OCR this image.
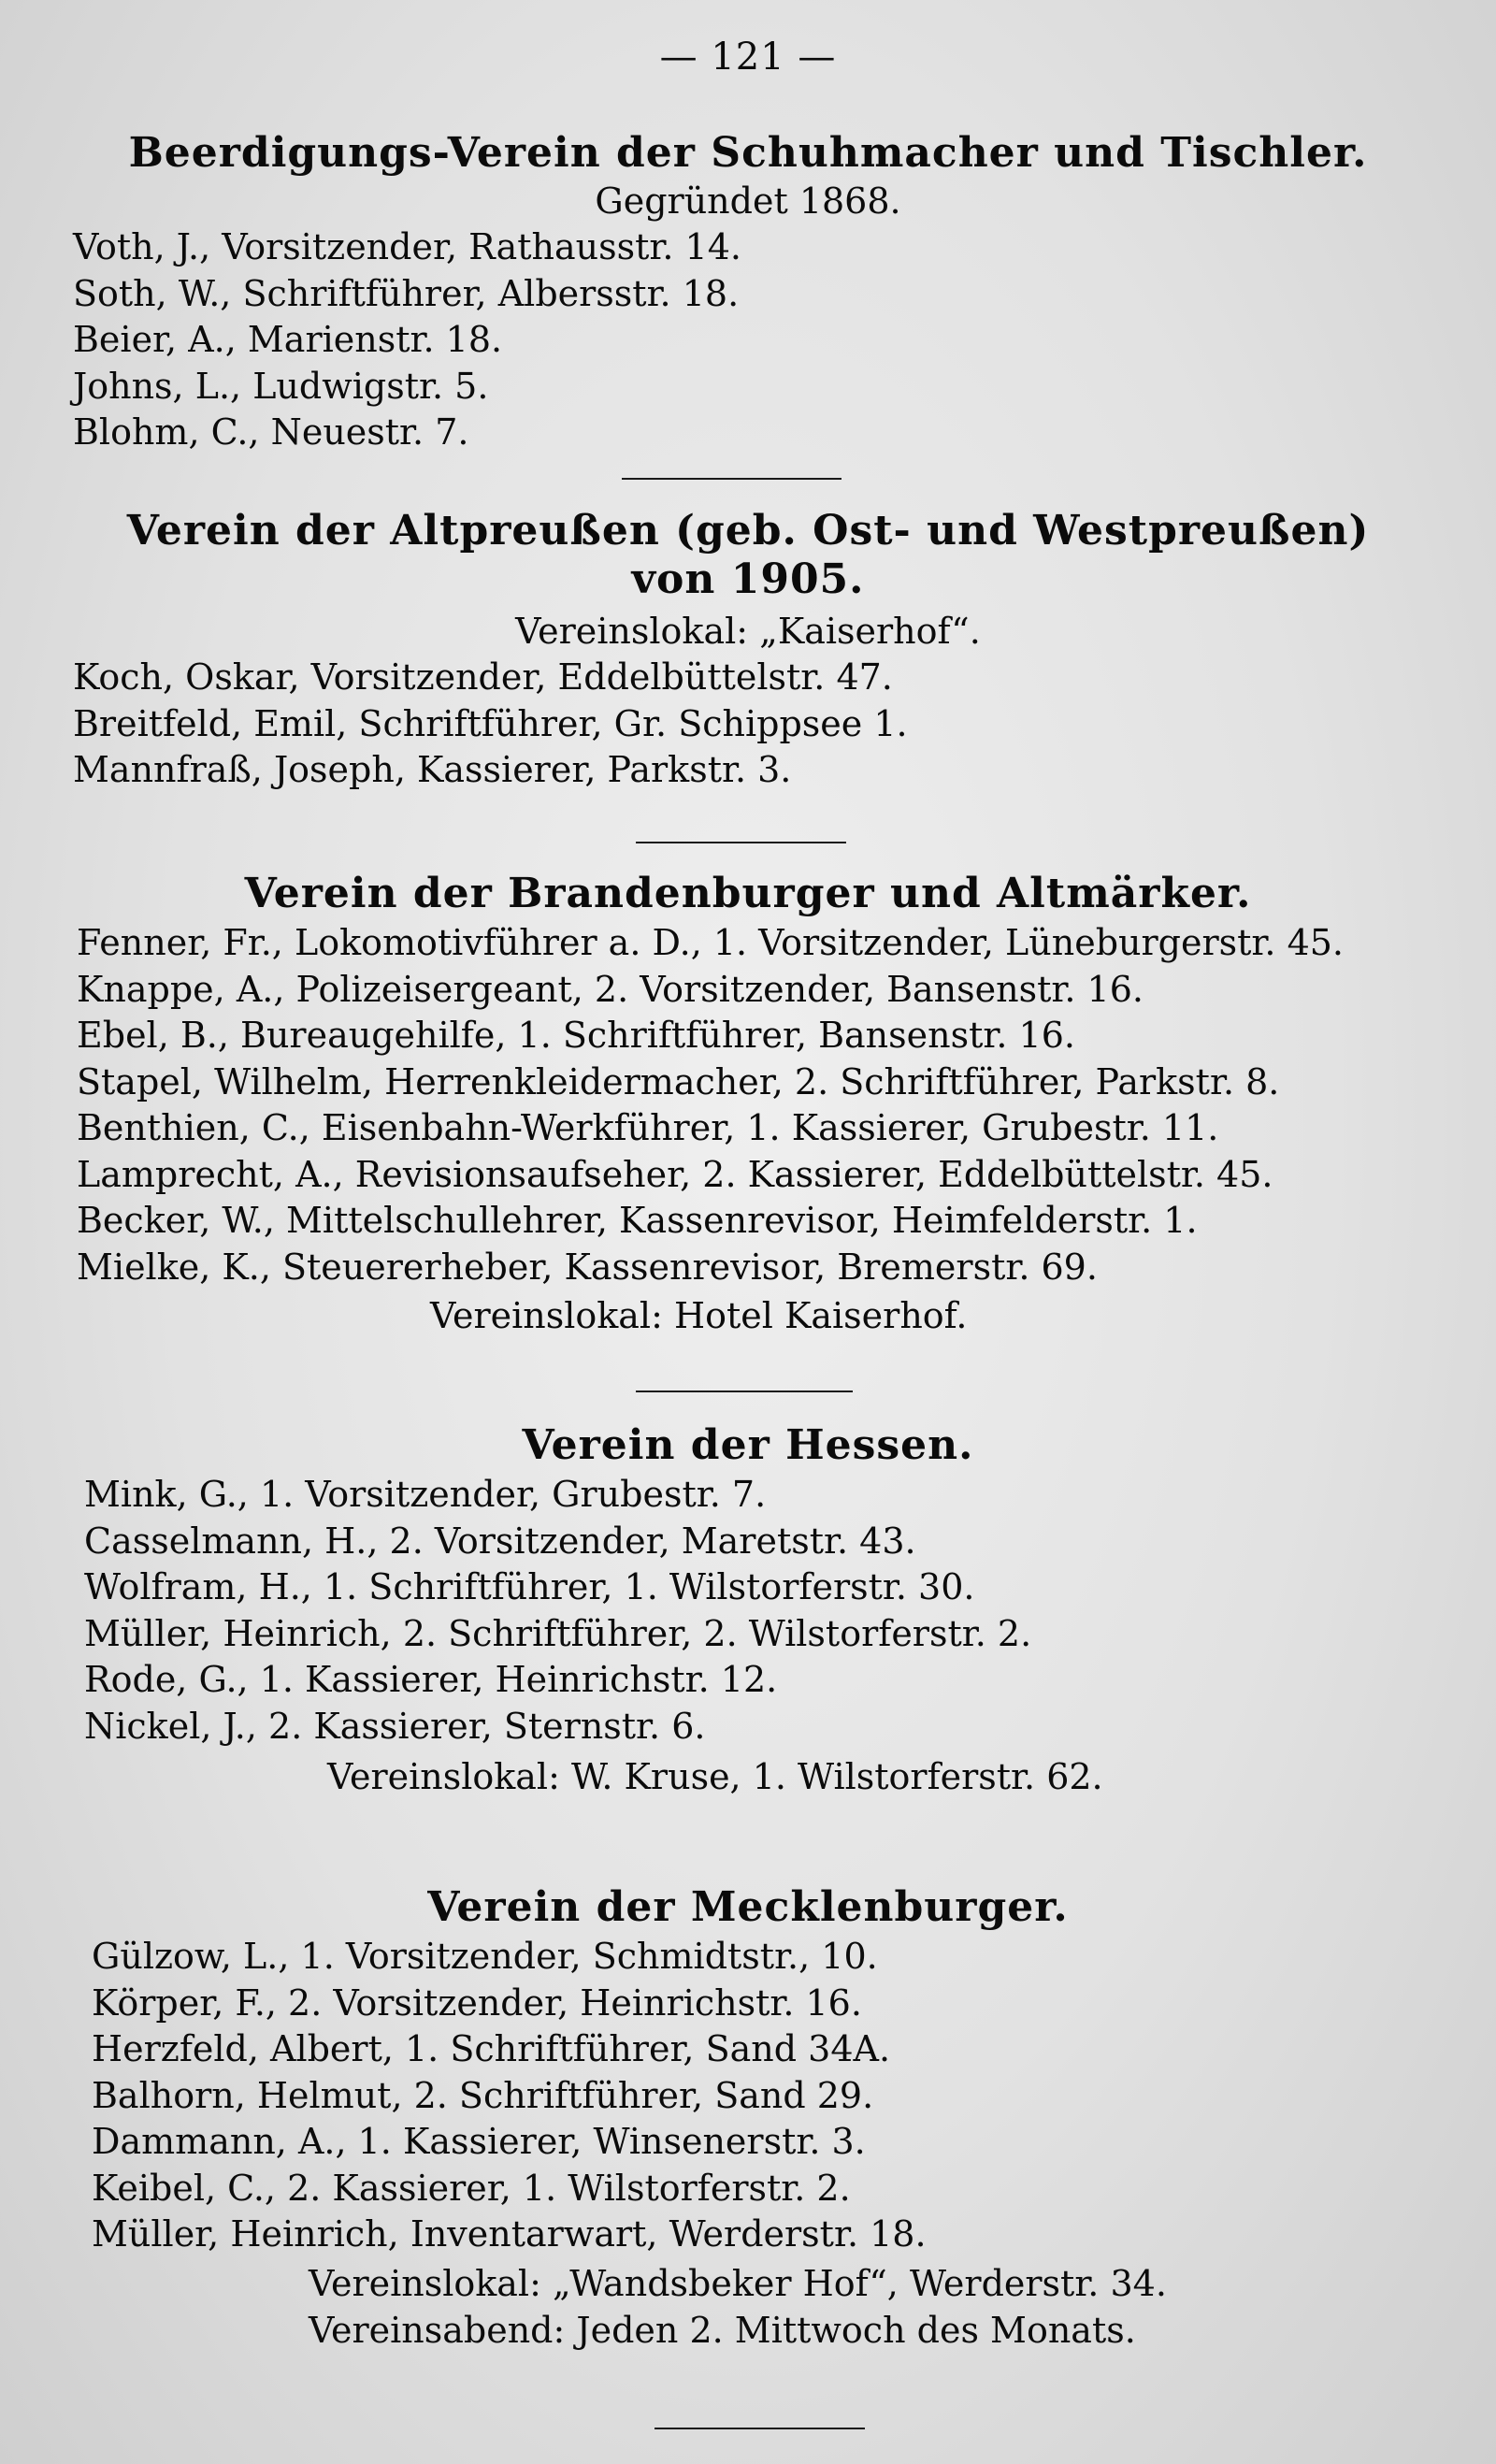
— 121 —
Beerdigungs-Verein der Schuhmacher und Tischler.
Gegründet 1868.
Voth, J., Vorsitzender, Rathausstr. 14.
Soth, W., Schriftführer, Albersstr. 18.
Beier, A., Marienstr. 18.
Johns, L., Ludwigstr. 5.
Blohm, C., Neuestr. 7.
Verein der Altpreußen (geb. Ost- und Westpreußen)
von 1905.
Vereinslokal: „Kaiserhof“.
Koch, Oskar, Vorsitzender, Eddelbüttelstr. 47.
Breitfeld, Emil, Schriftführer, Gr. Schippsee 1.
Mannfraß, Joseph, Kassierer, Parkstr. 3.
Verein der Brandenburger und Altmärker.
Fenner, Fr., Lokomotivführer a. D., 1. Vorsitzender, Lüneburgerstr. 45.
Knappe, A., Polizeisergeant, 2. Vorsitzender, Bansenstr. 16.
Ebel, B., Bureaugehilfe, 1. Schriftführer, Bansenstr. 16.
Stapel, Wilhelm, Herrenkleidermacher, 2. Schriftführer, Parkstr. 8.
Benthien, C., Eisenbahn-Werkführer, 1. Kassierer, Grubestr. 11.
Lamprecht, A., Revisionsaufseher, 2. Kassierer, Eddelbüttelstr. 45.
Becker, W., Mittelschullehrer, Kassenrevisor, Heimfelderstr. 1.
Mielke, K., Steuererheber, Kassenrevisor, Bremerstr. 69.
Vereinslokal: Hotel Kaiserhof.
Verein der Hessen.
Mink, G., 1. Vorsitzender, Grubestr. 7.
Casselmann, H., 2. Vorsitzender, Maretstr. 43.
Wolfram, H., 1. Schriftführer, 1. Wilstorferstr. 30.
Müller, Heinrich, 2. Schriftführer, 2. Wilstorferstr. 2.
Rode, G., 1. Kassierer, Heinrichstr. 12.
Nickel, J., 2. Kassierer, Sternstr. 6.
Vereinslokal: W. Kruse, 1. Wilstorferstr. 62.
Verein der Mecklenburger.
Gülzow, L., 1. Vorsitzender, Schmidtstr., 10.
Körper, F., 2. Vorsitzender, Heinrichstr. 16.
Herzfeld, Albert, 1. Schriftführer, Sand 34A.
Balhorn, Helmut, 2. Schriftführer, Sand 29.
Dammann, A., 1. Kassierer, Winsenerstr. 3.
Keibel, C., 2. Kassierer, 1. Wilstorferstr. 2.
Müller, Heinrich, Inventarwart, Werderstr. 18.
Vereinslokal: „Wandsbeker Hof“, Werderstr. 34.
Vereinsabend: Jeden 2. Mittwoch des Monats.
